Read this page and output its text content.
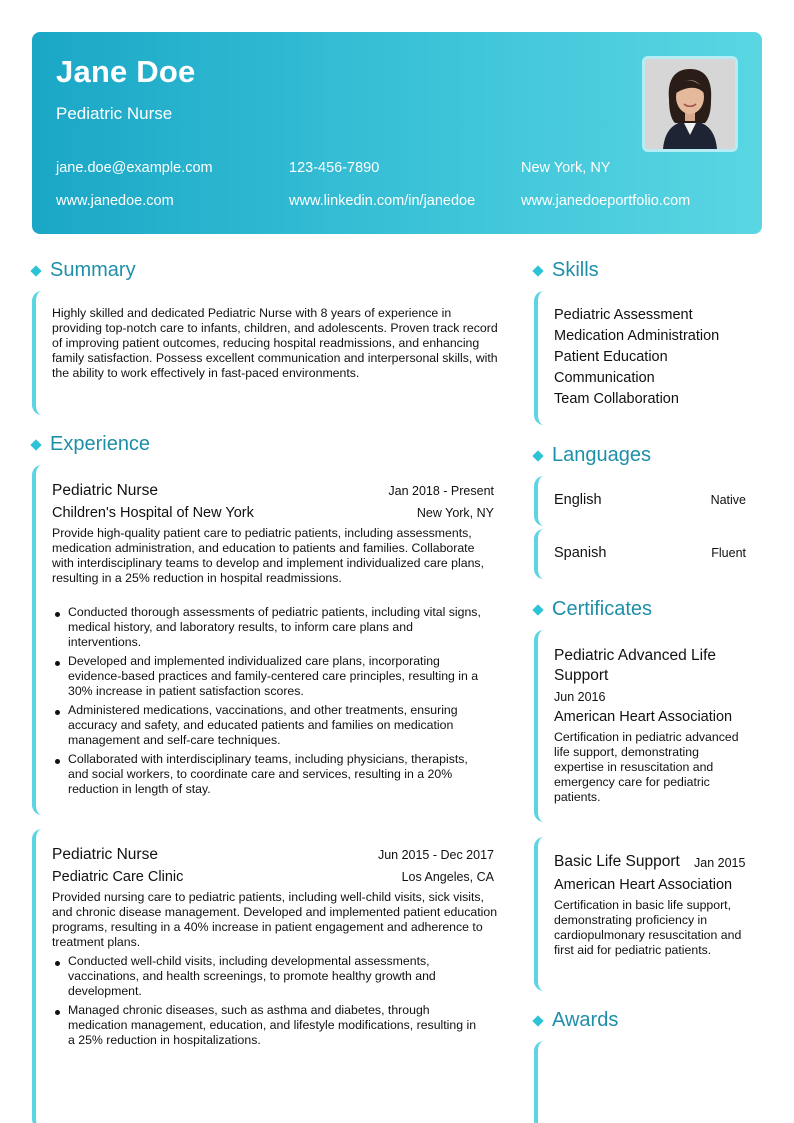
Jane Doe
Pediatric Nurse
jane.doe@example.com	123-456-7890	New York, NY
www.janedoe.com	www.linkedin.com/in/janedoe	www.janedoeportfolio.com
Summary
Highly skilled and dedicated Pediatric Nurse with 8 years of experience in providing top-notch care to infants, children, and adolescents. Proven track record of improving patient outcomes, reducing hospital readmissions, and enhancing family satisfaction. Possess excellent communication and interpersonal skills, with the ability to work effectively in fast-paced environments.
Experience
Pediatric Nurse	Jan 2018 - Present
Children's Hospital of New York	New York, NY
Provide high-quality patient care to pediatric patients, including assessments, medication administration, and education to patients and families. Collaborate with interdisciplinary teams to develop and implement individualized care plans, resulting in a 25% reduction in hospital readmissions.
Conducted thorough assessments of pediatric patients, including vital signs, medical history, and laboratory results, to inform care plans and interventions.
Developed and implemented individualized care plans, incorporating evidence-based practices and family-centered care principles, resulting in a 30% increase in patient satisfaction scores.
Administered medications, vaccinations, and other treatments, ensuring accuracy and safety, and educated patients and families on medication management and self-care techniques.
Collaborated with interdisciplinary teams, including physicians, therapists, and social workers, to coordinate care and services, resulting in a 20% reduction in length of stay.
Pediatric Nurse	Jun 2015 - Dec 2017
Pediatric Care Clinic	Los Angeles, CA
Provided nursing care to pediatric patients, including well-child visits, sick visits, and chronic disease management. Developed and implemented patient education programs, resulting in a 40% increase in patient engagement and adherence to treatment plans.
Conducted well-child visits, including developmental assessments, vaccinations, and health screenings, to promote healthy growth and development.
Managed chronic diseases, such as asthma and diabetes, through medication management, education, and lifestyle modifications, resulting in a 25% reduction in hospitalizations.
Skills
Pediatric Assessment
Medication Administration
Patient Education
Communication
Team Collaboration
Languages
English	Native
Spanish	Fluent
Certificates
Pediatric Advanced Life Support
Jun 2016
American Heart Association
Certification in pediatric advanced life support, demonstrating expertise in resuscitation and emergency care for pediatric patients.
Basic Life Support Jan 2015
American Heart Association
Certification in basic life support, demonstrating proficiency in cardiopulmonary resuscitation and first aid for pediatric patients.
Awards
